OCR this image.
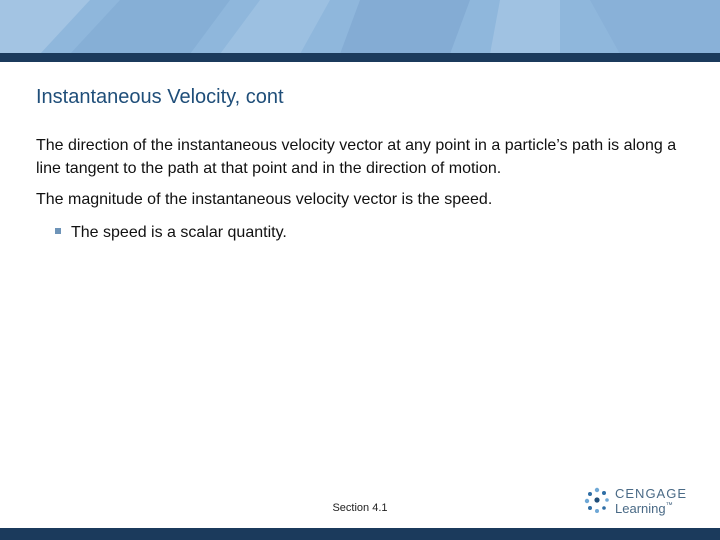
Instantaneous Velocity, cont
The direction of the instantaneous velocity vector at any point in a particle’s path is along a line tangent to the path at that point and in the direction of motion.
The magnitude of the instantaneous velocity vector is the speed.
The speed is a scalar quantity.
Section 4.1
CENGAGE
Learning™
